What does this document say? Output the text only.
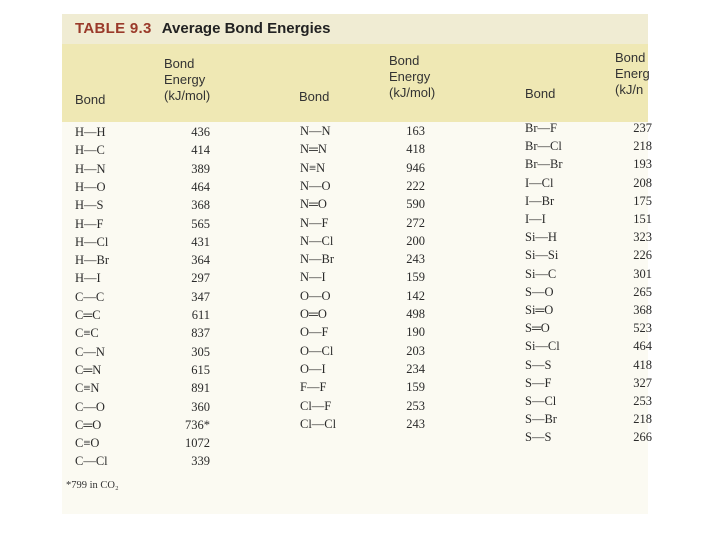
TABLE 9.3 Average Bond Energies
Bond
Bond
Energy
(kJ/mol)	Bond
Bond
Energy
(kJ/mol)	Bond
Bond
Energ
(kJ/n
H—H	436
H—C	414
H—N	389
H—O	464
H—S	368
H—F	565
H—Cl	431
H—Br	364
H—I	297
C—C	347
C═C	611
C≡C	837
C—N	305
C═N	615
C≡N	891
C—O	360
C═O	736*
C≡O	1072
C—Cl	339
N—N	163
N═N	418
N≡N	946
N—O	222
N═O	590
N—F	272
N—Cl	200
N—Br	243
N—I	159
O—O	142
O═O	498
O—F	190
O—Cl	203
O—I	234
F—F	159
Cl—F	253
Cl—Cl	243
Br—F	237
Br—Cl	218
Br—Br	193
I—Cl	208
I—Br	175
I—I	151
Si—H	323
Si—Si	226
Si—C	301
S—O	265
Si═O	368
S═O	523
Si—Cl	464
S—S	418
S—F	327
S—Cl	253
S—Br	218
S—S	266
*799 in CO₂
